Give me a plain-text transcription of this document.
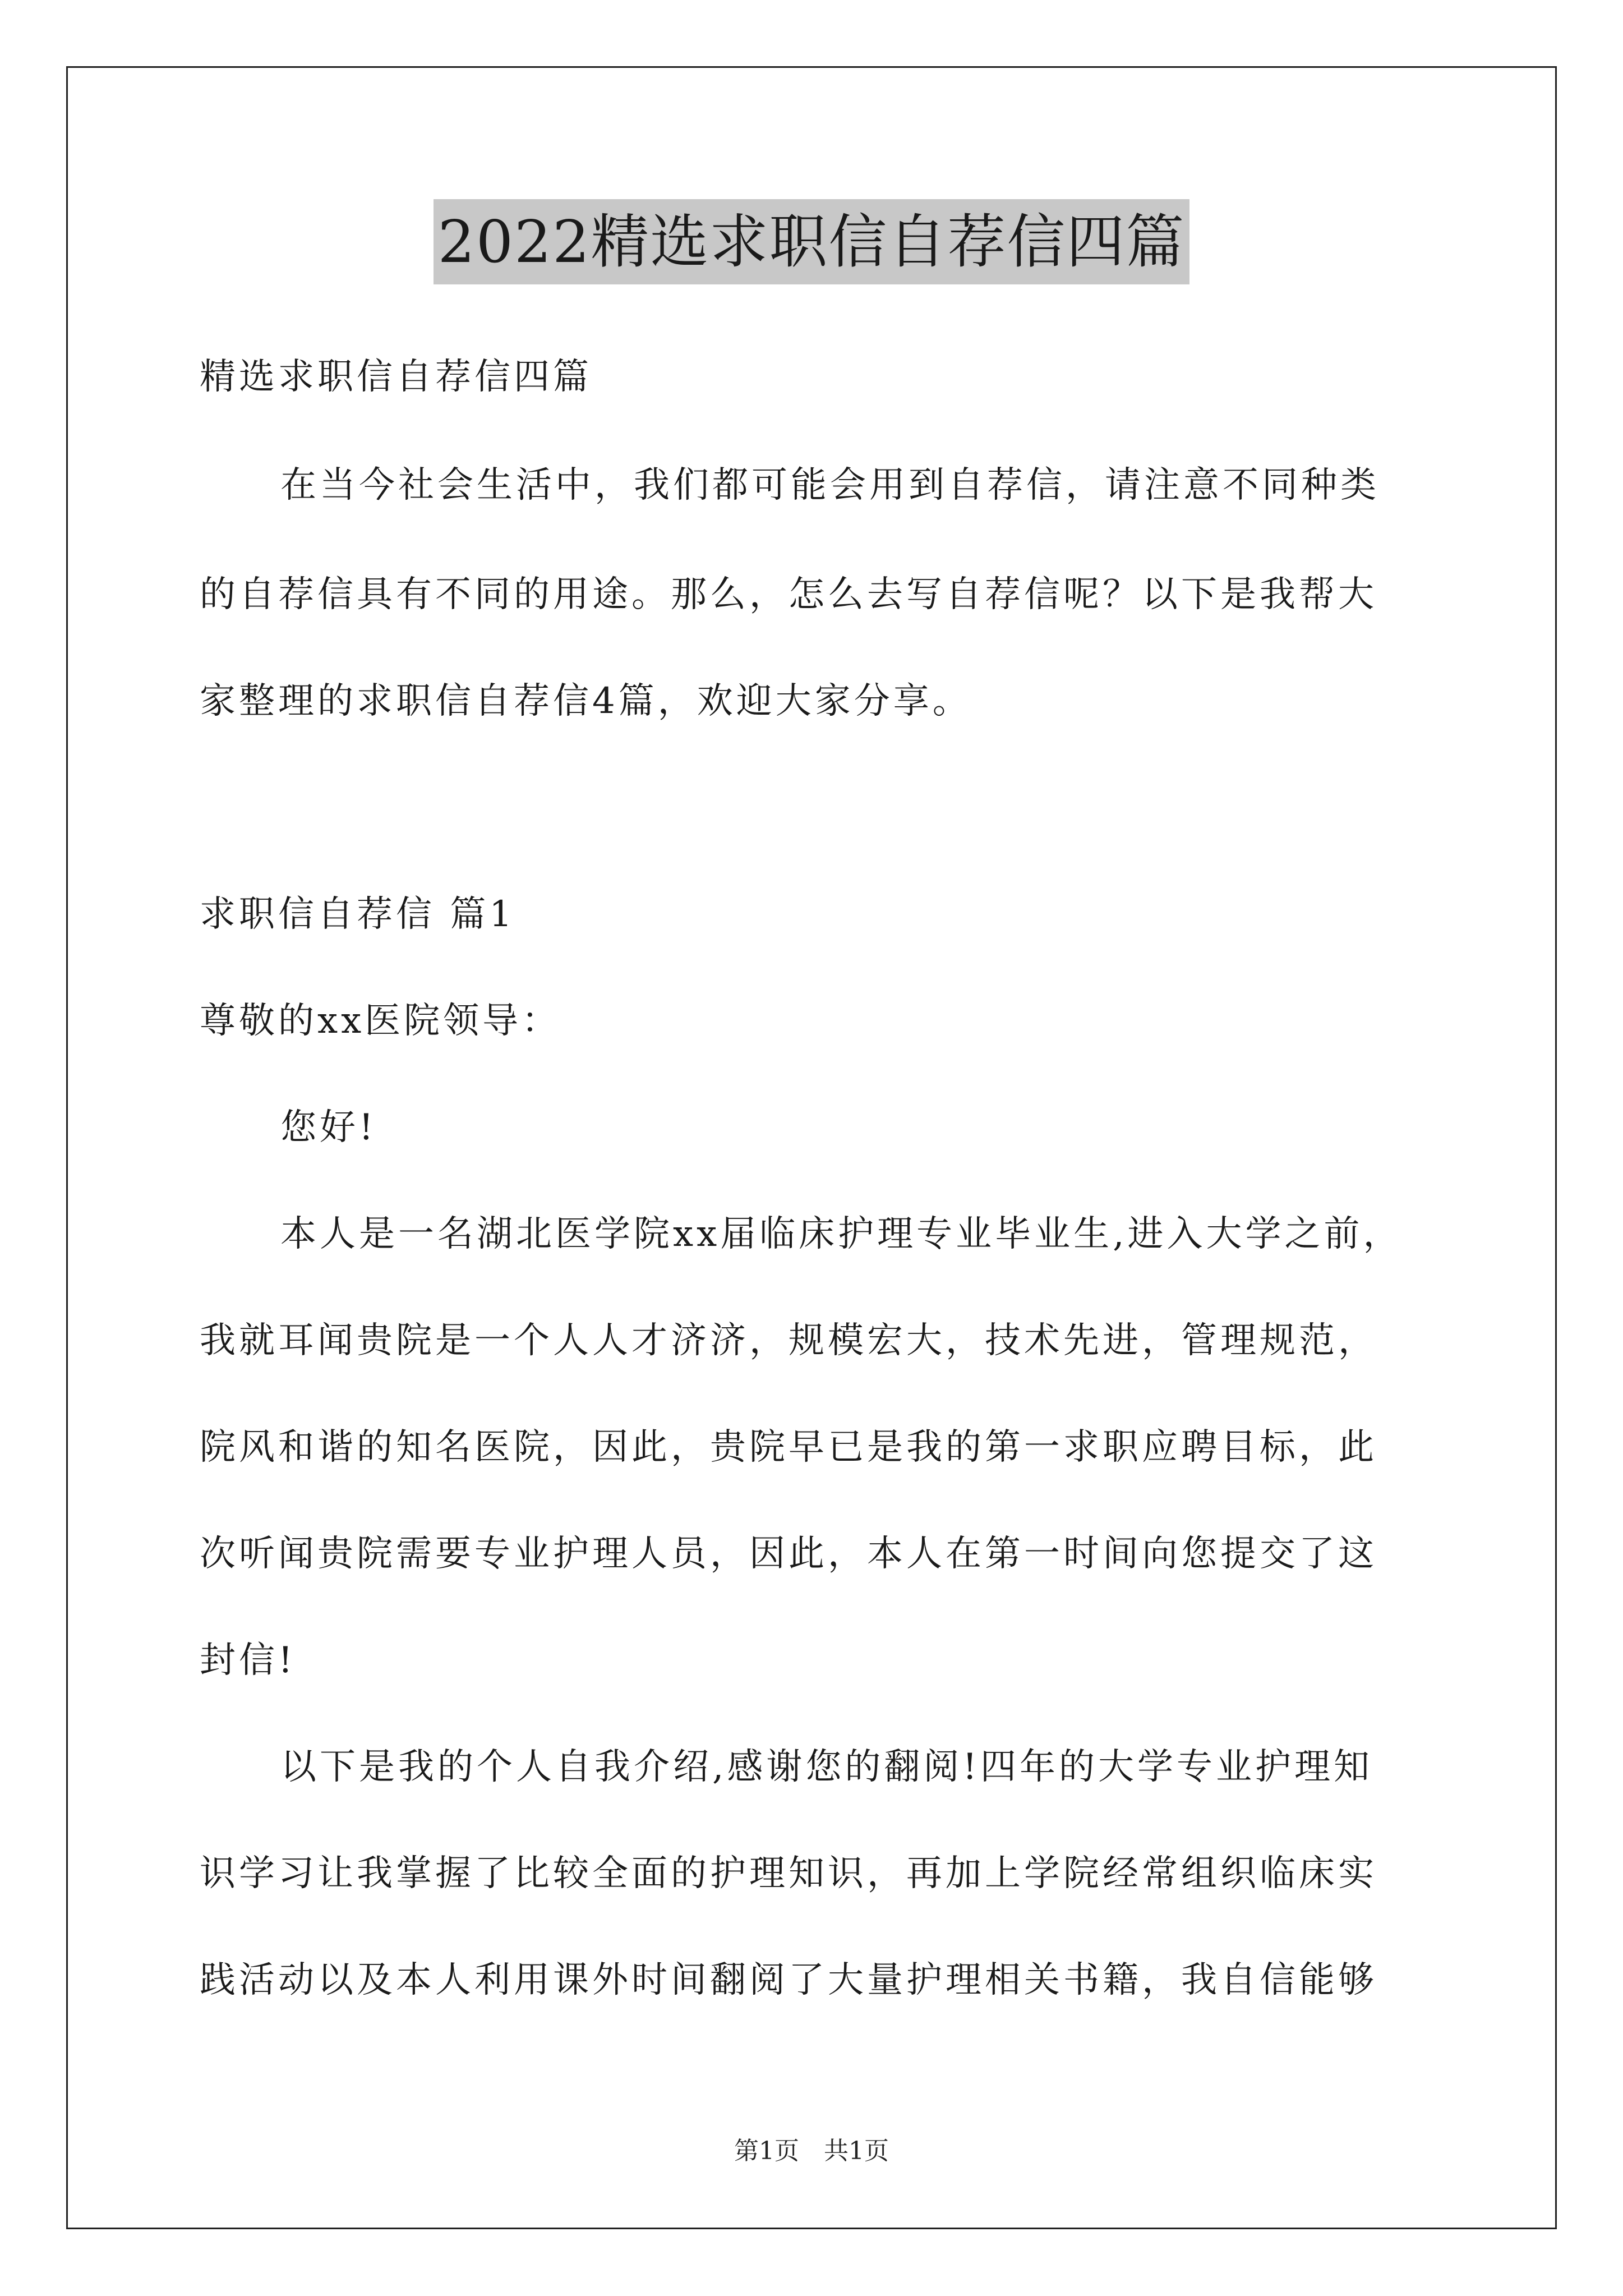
2022精选求职信自荐信四篇
精选求职信自荐信四篇
在当今社会生活中，我们都可能会用到自荐信，请注意不同种类
的自荐信具有不同的用途。那么，怎么去写自荐信呢？以下是我帮大
家整理的求职信自荐信4篇，欢迎大家分享。
求职信自荐信 篇1
尊敬的xx医院领导：
您好!
本人是一名湖北医学院xx届临床护理专业毕业生,进入大学之前，
我就耳闻贵院是一个人人才济济，规模宏大，技术先进，管理规范，
院风和谐的知名医院，因此，贵院早已是我的第一求职应聘目标，此
次听闻贵院需要专业护理人员，因此，本人在第一时间向您提交了这
封信!
以下是我的个人自我介绍,感谢您的翻阅!四年的大学专业护理知
识学习让我掌握了比较全面的护理知识，再加上学院经常组织临床实
践活动以及本人利用课外时间翻阅了大量护理相关书籍，我自信能够
第1页　共1页
